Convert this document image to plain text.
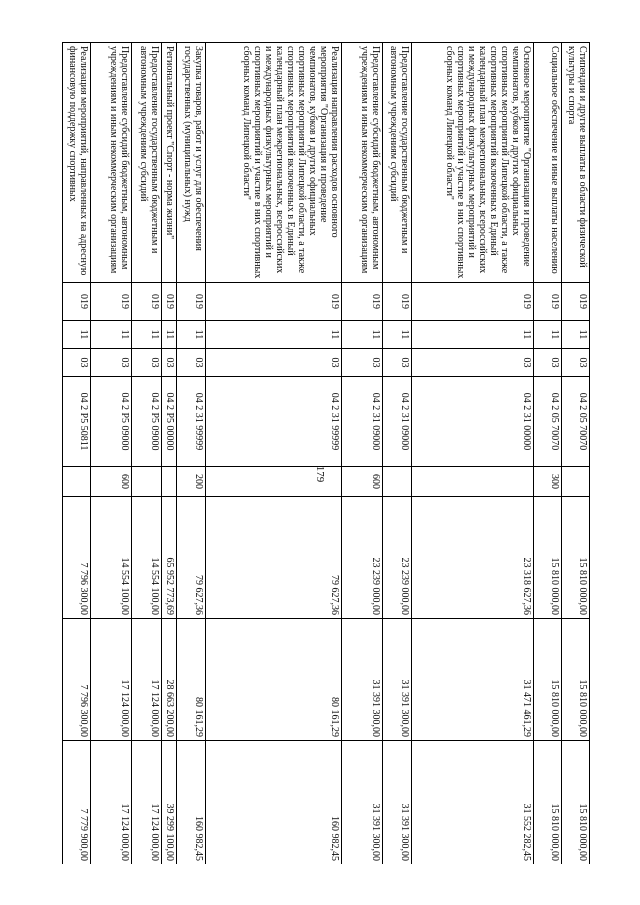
179
Стипендии и другие выплаты в области физической культуры и спорта	019	11	03	04 2 05 70070		15 810 000,00	15 810 000,00	15 810 000,00
Социальное обеспечение и иные выплаты населению	019	11	03	04 2 05 70070	300	15 810 000,00	15 810 000,00	15 810 000,00
Основное мероприятие "Организация и проведение чемпионатов, кубков и других официальных спортивных мероприятий Липецкой области, а также спортивных мероприятий включенных в Единый календарный план межрегиональных, всероссийских и международных физкультурных мероприятий и спортивных мероприятий и участие в них спортивных сборных команд Липецкой области"	019	11	03	04 2 31 00000		23 318 627,36	31 471 461,29	31 552 282,45
Предоставление государственным бюджетным и автономным учреждениям субсидий	019	11	03	04 2 31 09000		23 239 000,00	31 391 300,00	31 391 300,00
Предоставление субсидий бюджетным, автономным учреждениям и иным некоммерческим организациям	019	11	03	04 2 31 09000	600	23 239 000,00	31 391 300,00	31 391 300,00
Реализация направления расходов основного мероприятия "Организация и проведение чемпионатов, кубков и других официальных спортивных мероприятий Липецкой области, а также спортивных мероприятий включенных в Единый календарный план межрегиональных, всероссийских и международных физкультурных мероприятий и спортивных мероприятий и участие в них спортивных сборных команд Липецкой области"	019	11	03	04 2 31 99999		79 627,36	80 161,29	160 982,45
Закупка товаров, работ и услуг для обеспечения государственных (муниципальных) нужд	019	11	03	04 2 31 99999	200	79 627,36	80 161,29	160 982,45
Региональный проект "Спорт - норма жизни"	019	11	03	04 2 P5 00000		65 952 773,69	28 663 200,00	39 299 100,00
Предоставление государственным бюджетным и автономным учреждениям субсидий	019	11	03	04 2 P5 09000		14 554 100,00	17 124 000,00	17 124 000,00
Предоставление субсидий бюджетным, автономным учреждениям и иным некоммерческим организациям	019	11	03	04 2 P5 09000	600	14 554 100,00	17 124 000,00	17 124 000,00
Реализация мероприятий, направленных на адресную финансовую поддержку спортивных	019	11	03	04 2 P5 50811		7 796 300,00	7 796 300,00	7 779 900,00
